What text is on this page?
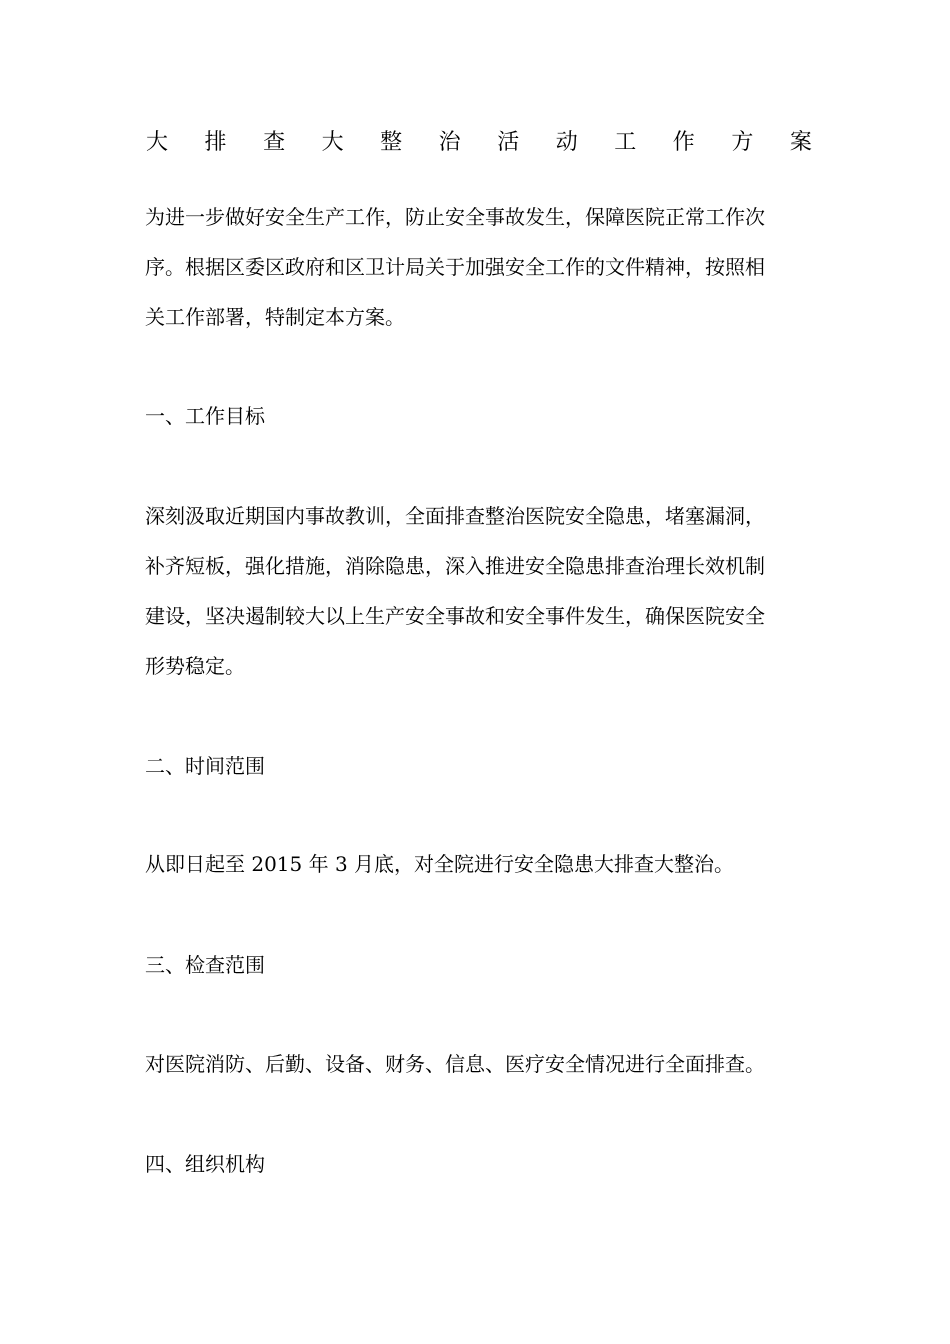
大 排 查 大 整 治 活 动 工 作 方 案
为进一步做好安全生产工作，防止安全事故发生，保障医院正常工作次
序。根据区委区政府和区卫计局关于加强安全工作的文件精神，按照相
关工作部署，特制定本方案。
一、工作目标
深刻汲取近期国内事故教训，全面排查整治医院安全隐患，堵塞漏洞，
补齐短板，强化措施，消除隐患，深入推进安全隐患排查治理长效机制
建设，坚决遏制较大以上生产安全事故和安全事件发生，确保医院安全
形势稳定。
二、时间范围
从即日起至 2015 年 3 月底，对全院进行安全隐患大排查大整治。
三、检查范围
对医院消防、后勤、设备、财务、信息、医疗安全情况进行全面排查。
四、组织机构
